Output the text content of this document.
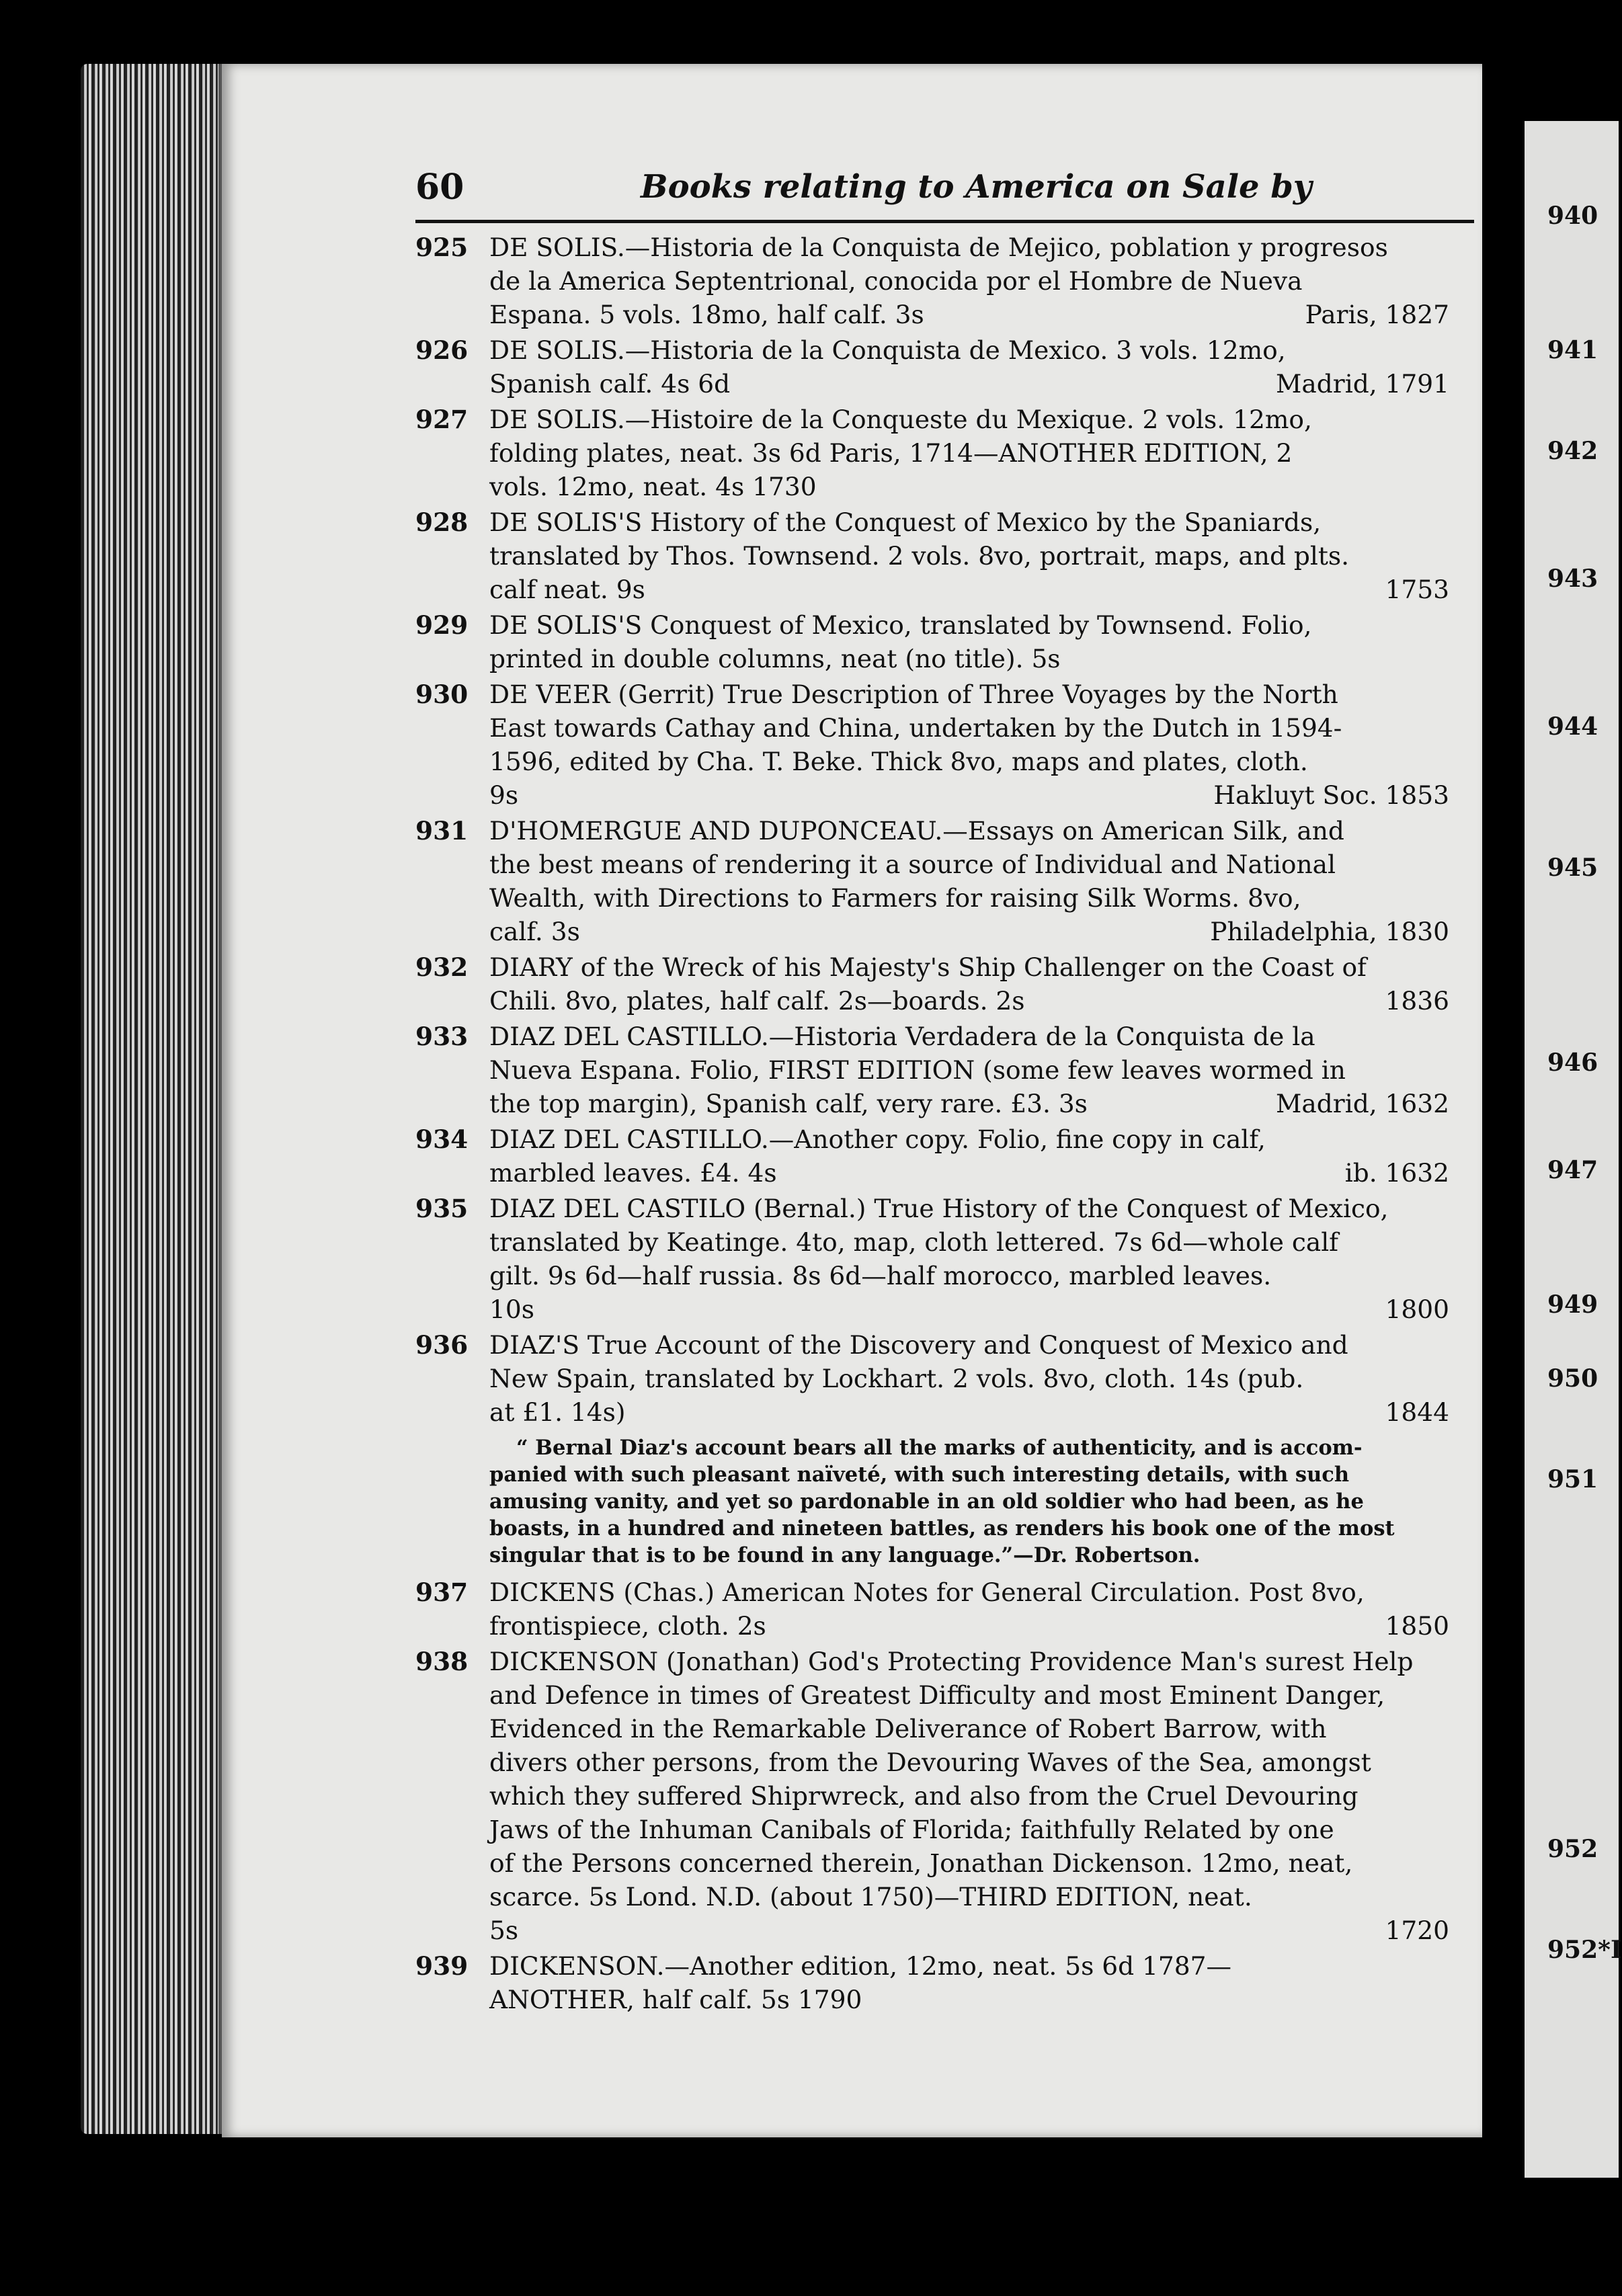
940
941
942
943
944
945
946
947
949
950
951
952
952*I
60	Books relating to America on Sale by
925 DE SOLIS.—Historia de la Conquista de Mejico, poblation y progresos
de la America Septentrional, conocida por el Hombre de Nueva
Espana. 5 vols. 18mo, half calf. 3s	Paris, 1827
926 DE SOLIS.—Historia de la Conquista de Mexico. 3 vols. 12mo,
Spanish calf. 4s 6d	Madrid, 1791
927 DE SOLIS.—Histoire de la Conqueste du Mexique. 2 vols. 12mo,
folding plates, neat. 3s 6d Paris, 1714—ANOTHER EDITION, 2
vols. 12mo, neat. 4s 1730
928 DE SOLIS'S History of the Conquest of Mexico by the Spaniards,
translated by Thos. Townsend. 2 vols. 8vo, portrait, maps, and plts.
calf neat. 9s	1753
929 DE SOLIS'S Conquest of Mexico, translated by Townsend. Folio,
printed in double columns, neat (no title). 5s
930 DE VEER (Gerrit) True Description of Three Voyages by the North
East towards Cathay and China, undertaken by the Dutch in 1594-
1596, edited by Cha. T. Beke. Thick 8vo, maps and plates, cloth.
9s	Hakluyt Soc. 1853
931 D'HOMERGUE AND DUPONCEAU.—Essays on American Silk, and
the best means of rendering it a source of Individual and National
Wealth, with Directions to Farmers for raising Silk Worms. 8vo,
calf. 3s	Philadelphia, 1830
932 DIARY of the Wreck of his Majesty's Ship Challenger on the Coast of
Chili. 8vo, plates, half calf. 2s—boards. 2s	1836
933 DIAZ DEL CASTILLO.—Historia Verdadera de la Conquista de la
Nueva Espana. Folio, FIRST EDITION (some few leaves wormed in
the top margin), Spanish calf, very rare. £3. 3s	Madrid, 1632
934 DIAZ DEL CASTILLO.—Another copy. Folio, fine copy in calf,
marbled leaves. £4. 4s	ib. 1632
935 DIAZ DEL CASTILO (Bernal.) True History of the Conquest of Mexico,
translated by Keatinge. 4to, map, cloth lettered. 7s 6d—whole calf
gilt. 9s 6d—half russia. 8s 6d—half morocco, marbled leaves.
10s	1800
936 DIAZ'S True Account of the Discovery and Conquest of Mexico and
New Spain, translated by Lockhart. 2 vols. 8vo, cloth. 14s (pub.
at £1. 14s)	1844
“ Bernal Diaz's account bears all the marks of authenticity, and is accom-
panied with such pleasant naïveté, with such interesting details, with such
amusing vanity, and yet so pardonable in an old soldier who had been, as he
boasts, in a hundred and nineteen battles, as renders his book one of the most
singular that is to be found in any language.”—Dr. Robertson.
937 DICKENS (Chas.) American Notes for General Circulation. Post 8vo,
frontispiece, cloth. 2s	1850
938 DICKENSON (Jonathan) God's Protecting Providence Man's surest Help
and Defence in times of Greatest Difficulty and most Eminent Danger,
Evidenced in the Remarkable Deliverance of Robert Barrow, with
divers other persons, from the Devouring Waves of the Sea, amongst
which they suffered Shiprwreck, and also from the Cruel Devouring
Jaws of the Inhuman Canibals of Florida; faithfully Related by one
of the Persons concerned therein, Jonathan Dickenson. 12mo, neat,
scarce. 5s Lond. N.D. (about 1750)—THIRD EDITION, neat.
5s	1720
939 DICKENSON.—Another edition, 12mo, neat. 5s 6d 1787—
ANOTHER, half calf. 5s 1790
